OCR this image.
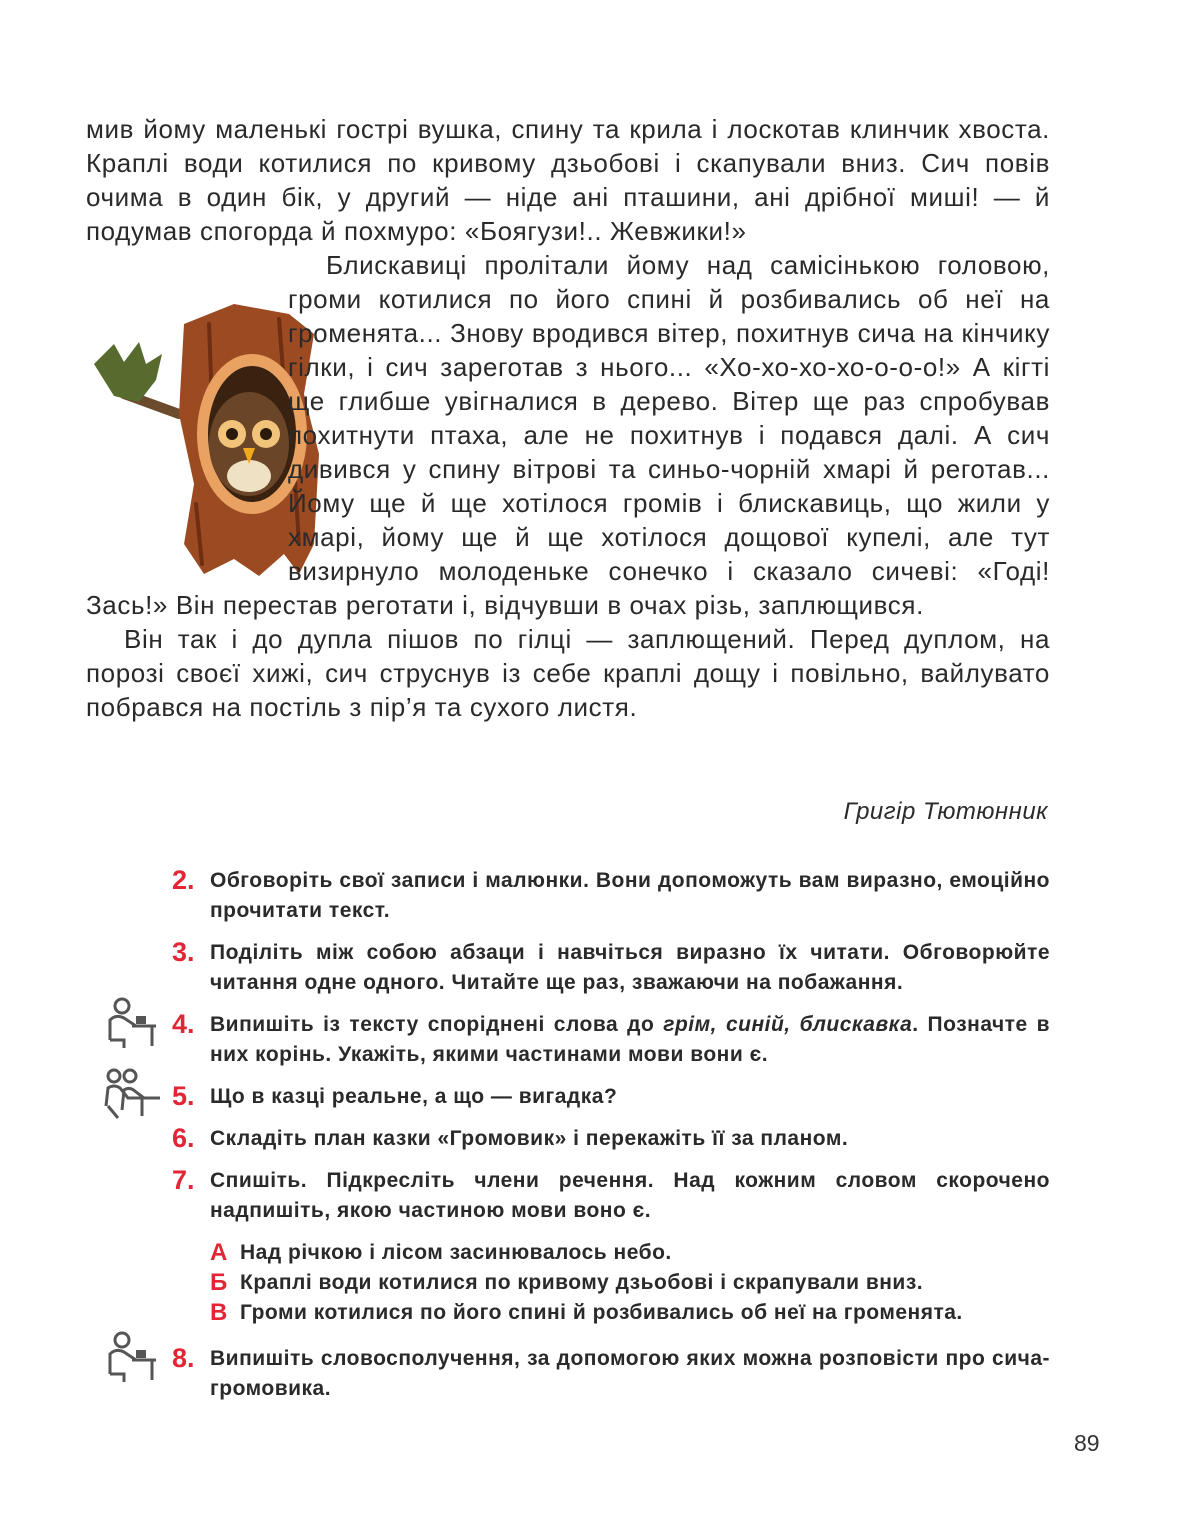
мив йому маленькі гострі вушка, спину та крила і лоскотав клинчик хвоста. Краплі води котилися по кривому дзьобові і скапували вниз. Сич повів очима в один бік, у другий — ніде ані пташини, ані дрібної миші! — й подумав спогорда й похмуро: «Боягузи!.. Жевжики!»

Блискавиці пролітали йому над самісінькою головою, громи котилися по його спині й розбивались об неї на громенята... Знову вродився вітер, похитнув сича на кінчику гілки, і сич зареготав з нього... «Хо-хо-хо-хо-о-о-о!» А кігті ще глибше увігналися в дерево. Вітер ще раз спробував похитнути птаха, але не похитнув і подався далі. А сич дивився у спину вітрові та синьо-чорній хмарі й реготав... Йому ще й ще хотілося громів і блискавиць, що жили у хмарі, йому ще й ще хотілося дощової купелі, але тут визирнуло молоденьке сонечко і сказало сичеві: «Годі! Зась!» Він перестав реготати і, відчувши в очах різь, заплющився.

Він так і до дупла пішов по гілці — заплющений. Перед дуплом, на порозі своєї хижі, сич струснув із себе краплі дощу і повільно, вайлувато побрався на постіль з пір’я та сухого листя.

Григір Тютюнник
2 .	Обговоріть свої записи і малюнки. Вони допоможуть вам виразно, емоційно прочитати текст.
3 .	Поділіть між собою абзаци і навчіться виразно їх читати. Обговорюйте читання одне одного. Читайте ще раз, зважаючи на побажання.
4 .	Випишіть із тексту споріднені слова до грім, синій, блискавка. Позначте в них корінь. Укажіть, якими частинами мови вони є.
5 .	Що в казці реальне, а що — вигадка?
6 .	Складіть план казки «Громовик» і перекажіть її за планом.
7 .	Спишіть. Підкресліть члени речення. Над кожним словом скорочено надпишіть, якою частиною мови воно є.
А Над річкою і лісом засинювалось небо.
Б Краплі води котилися по кривому дзьобові і скрапували вниз.
В Громи котилися по його спині й розбивались об неї на громенята.
8 .	Випишіть словосполучення, за допомогою яких можна розповісти про сича-громовика.
89
